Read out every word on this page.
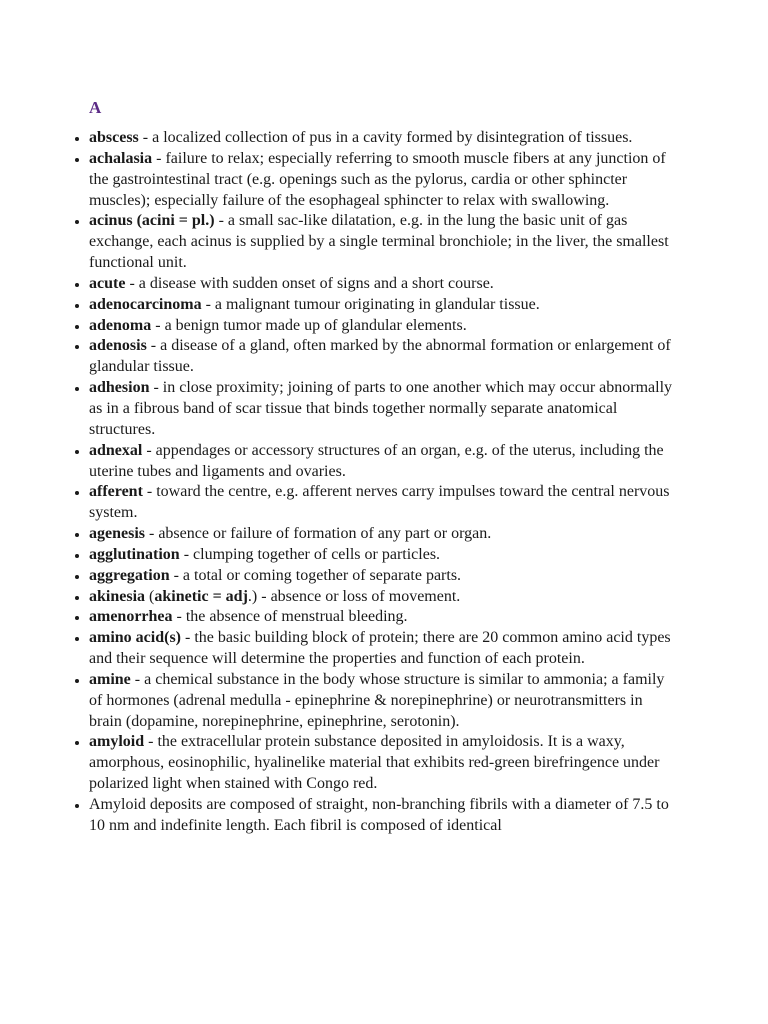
A
• abscess - a localized collection of pus in a cavity formed by disintegration of tissues.
• achalasia - failure to relax; especially referring to smooth muscle fibers at any junction of the gastrointestinal tract (e.g. openings such as the pylorus, cardia or other sphincter muscles); especially failure of the esophageal sphincter to relax with swallowing.
• acinus (acini = pl.) - a small sac-like dilatation, e.g. in the lung the basic unit of gas exchange, each acinus is supplied by a single terminal bronchiole; in the liver, the smallest functional unit.
• acute - a disease with sudden onset of signs and a short course.
• adenocarcinoma - a malignant tumour originating in glandular tissue.
• adenoma - a benign tumor made up of glandular elements.
• adenosis - a disease of a gland, often marked by the abnormal formation or enlargement of glandular tissue.
• adhesion - in close proximity; joining of parts to one another which may occur abnormally as in a fibrous band of scar tissue that binds together normally separate anatomical structures.
• adnexal - appendages or accessory structures of an organ, e.g. of the uterus, including the uterine tubes and ligaments and ovaries.
• afferent - toward the centre, e.g. afferent nerves carry impulses toward the central nervous system.
• agenesis - absence or failure of formation of any part or organ.
• agglutination - clumping together of cells or particles.
• aggregation - a total or coming together of separate parts.
• akinesia (akinetic = adj.) - absence or loss of movement.
• amenorrhea - the absence of menstrual bleeding.
• amino acid(s) - the basic building block of protein; there are 20 common amino acid types and their sequence will determine the properties and function of each protein.
• amine - a chemical substance in the body whose structure is similar to ammonia; a family of hormones (adrenal medulla - epinephrine & norepinephrine) or neurotransmitters in brain (dopamine, norepinephrine, epinephrine, serotonin).
• amyloid - the extracellular protein substance deposited in amyloidosis. It is a waxy, amorphous, eosinophilic, hyalinelike material that exhibits red-green birefringence under polarized light when stained with Congo red.
• Amyloid deposits are composed of straight, non-branching fibrils with a diameter of 7.5 to 10 nm and indefinite length. Each fibril is composed of identical
